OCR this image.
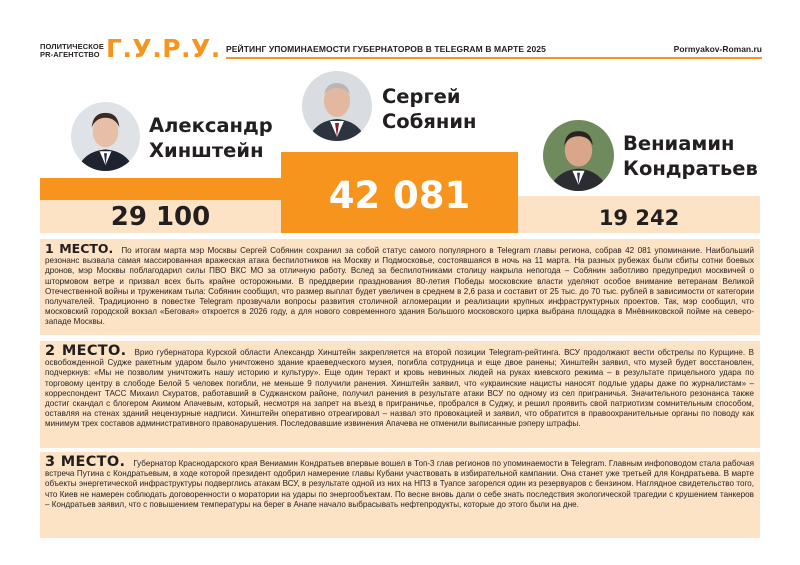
ПОЛИТИЧЕСКОЕ
PR-АГЕНТСТВО Г.У.Р.У. РЕЙТИНГ УПОМИНАЕМОСТИ ГУБЕРНАТОРОВ В TELEGRAM В МАРТЕ 2025	Pormyakov-Roman.ru
Александр
Хинштейн
Сергей
Собянин
Вениамин
Кондратьев
29 100	42 081
19 242
1 МЕСТО. По итогам марта мэр Москвы Сергей Собянин сохранил за собой статус самого популярного в Telegram главы региона, собрав 42 081 упоминание. Наибольший резонанс вызвала самая массированная вражеская атака беспилотников на Москву и Подмосковье, состоявшаяся в ночь на 11 марта. На разных рубежах были сбиты сотни боевых дронов, мэр Москвы поблагодарил силы ПВО ВКС МО за отличную работу. Вслед за беспилотниками столицу накрыла непогода – Собянин заботливо предупредил москвичей о штормовом ветре и призвал всех быть крайне осторожными. В преддверии празднования 80-летия Победы московские власти уделяют особое внимание ветеранам Великой Отечественной войны и труженикам тыла: Собянин сообщил, что размер выплат будет увеличен в среднем в 2,6 раза и составит от 25 тыс. до 70 тыс. рублей в зависимости от категории получателей. Традиционно в повестке Telegram прозвучали вопросы развития столичной агломерации и реализации крупных инфраструктурных проектов. Так, мэр сообщил, что московский городской вокзал «Беговая» откроется в 2026 году, а для нового современного здания Большого московского цирка выбрана площадка в Мнёвниковской пойме на северо-западе Москвы.
2 МЕСТО. Врио губернатора Курской области Александр Хинштейн закрепляется на второй позиции Telegram-рейтинга. ВСУ продолжают вести обстрелы по Курщине. В освобожденной Судже ракетным ударом было уничтожено здание краеведческого музея, погибла сотрудница и еще двое ранены; Хинштейн заявил, что музей будет восстановлен, подчеркнув: «Мы не позволим уничтожить нашу историю и культуру». Еще один теракт и кровь невинных людей на руках киевского режима – в результате прицельного удара по торговому центру в слободе Белой 5 человек погибли, не меньше 9 получили ранения. Хинштейн заявил, что «украинские нацисты наносят подлые удары даже по журналистам» – корреспондент ТАСС Михаил Скуратов, работавший в Суджанском районе, получил ранения в результате атаки ВСУ по одному из сел приграничья. Значительного резонанса также достиг скандал с блогером Акимом Апачевым, который, несмотря на запрет на въезд в приграничье, пробрался в Суджу, и решил проявить свой патриотизм сомнительным способом, оставляя на стенах зданий нецензурные надписи. Хинштейн оперативно отреагировал – назвал это провокацией и заявил, что обратится в правоохранительные органы по поводу как минимум трех составов административного правонарушения. Последовавшие извинения Апачева не отменили выписанные рэперу штрафы.
3 МЕСТО. Губернатор Краснодарского края Вениамин Кондратьев впервые вошел в Топ-3 глав регионов по упоминаемости в Telegram. Главным инфоповодом стала рабочая встреча Путина с Кондратьевым, в ходе которой президент одобрил намерение главы Кубани участвовать в избирательной кампании. Она станет уже третьей для Кондратьева. В марте объекты энергетической инфраструктуры подверглись атакам ВСУ, в результате одной из них на НПЗ в Туапсе загорелся один из резервуаров с бензином. Наглядное свидетельство того, что Киев не намерен соблюдать договоренности о моратории на удары по энергообъектам. По весне вновь дали о себе знать последствия экологической трагедии с крушением танкеров – Кондратьев заявил, что с повышением температуры на берег в Анапе начало выбрасывать нефтепродукты, которые до этого были на дне.
